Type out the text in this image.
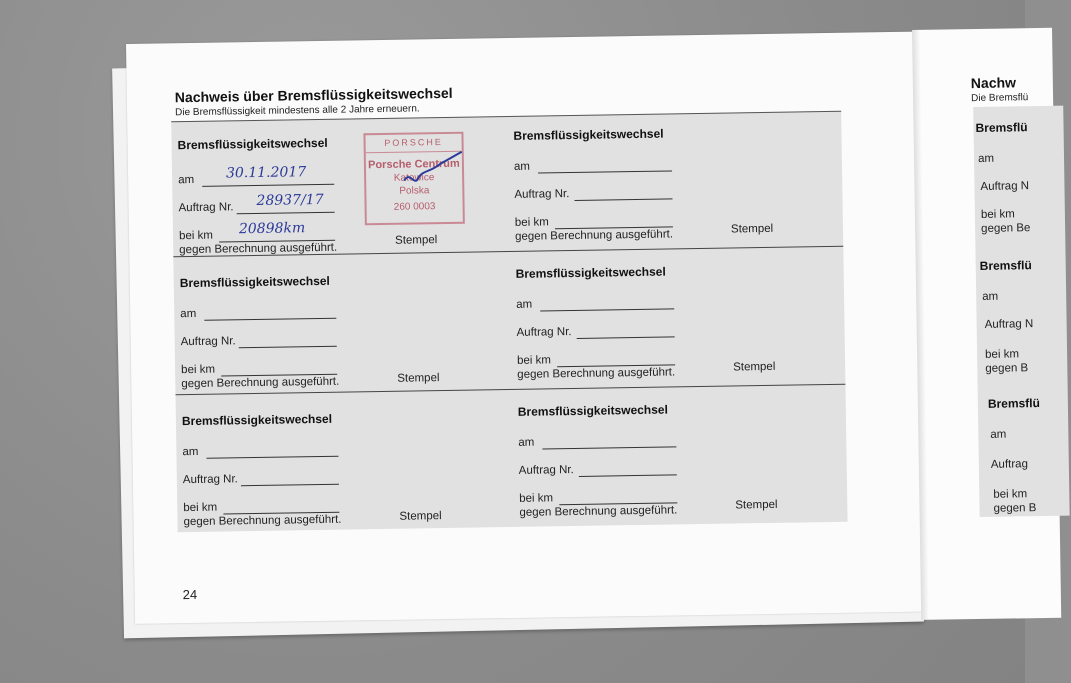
Nachweis über Bremsflüssigkeitswechsel
Die Bremsflüssigkeit mindestens alle 2 Jahre erneuern.
Bremsflüssigkeitswechsel
am 30.11.2017
Auftrag Nr. 28937/17
bei km 20898km
gegen Berechnung ausgeführt.
Stempel
PORSCHE
Porsche Centrum
Katowice
Polska
260 0003
Bremsflüssigkeitswechsel
am
Auftrag Nr.
bei km
gegen Berechnung ausgeführt.	Stempel
Bremsflüssigkeitswechsel
am
Auftrag Nr.
bei km
gegen Berechnung ausgeführt.	Stempel
Bremsflüssigkeitswechsel
am
Auftrag Nr.
bei km
gegen Berechnung ausgeführt.	Stempel
Bremsflüssigkeitswechsel
am
Auftrag Nr.
bei km
gegen Berechnung ausgeführt.	Stempel
Bremsflüssigkeitswechsel
am
Auftrag Nr.
bei km
gegen Berechnung ausgeführt.	Stempel
24
Nachw
Die Bremsflü
Bremsflü
am
Auftrag N
bei km
gegen Be
Bremsflü
am
Auftrag N
bei km
gegen B
Bremsflü
am
Auftrag
bei km
gegen B
